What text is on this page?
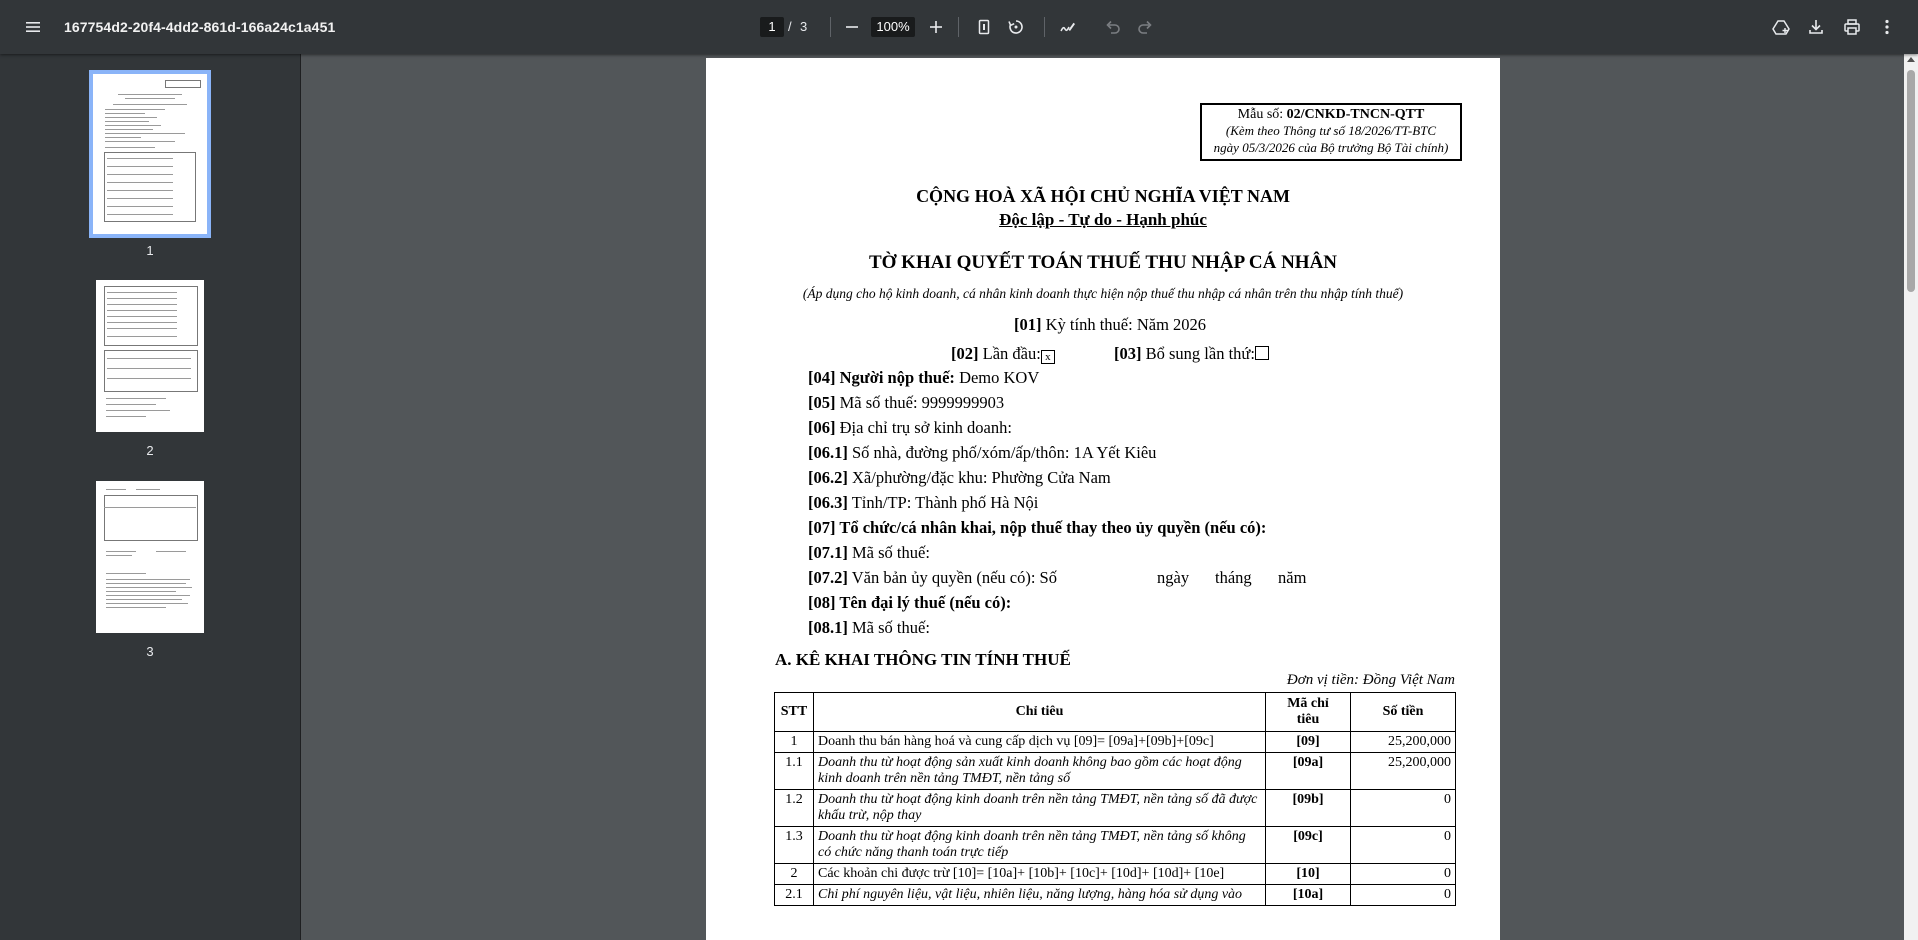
167754d2-20f4-4dd2-861d-166a24c1a451	1 / 3	100%
1
2
3
Mẫu số: 02/CNKD-TNCN-QTT
(Kèm theo Thông tư số 18/2026/TT-BTC
ngày 05/3/2026 của Bộ trưởng Bộ Tài chính)
CỘNG HOÀ XÃ HỘI CHỦ NGHĨA VIỆT NAM
Độc lập - Tự do - Hạnh phúc
TỜ KHAI QUYẾT TOÁN THUẾ THU NHẬP CÁ NHÂN
(Áp dụng cho hộ kinh doanh, cá nhân kinh doanh thực hiện nộp thuế thu nhập cá nhân trên thu nhập tính thuế)
[01] Kỳ tính thuế: Năm 2026
[02] Lần đầu: x	[03] Bổ sung lần thứ:
[04] Người nộp thuế: Demo KOV
[05] Mã số thuế: 9999999903
[06] Địa chỉ trụ sở kinh doanh:
[06.1] Số nhà, đường phố/xóm/ấp/thôn: 1A Yết Kiêu
[06.2] Xã/phường/đặc khu: Phường Cửa Nam
[06.3] Tỉnh/TP: Thành phố Hà Nội
[07] Tổ chức/cá nhân khai, nộp thuế thay theo ủy quyền (nếu có):
[07.1] Mã số thuế:
[07.2] Văn bản ủy quyền (nếu có): Số	ngày tháng năm
[08] Tên đại lý thuế (nếu có):
[08.1] Mã số thuế:
A. KÊ KHAI THÔNG TIN TÍNH THUẾ
Đơn vị tiền: Đồng Việt Nam
STT	Chỉ tiêu	Mã chỉ tiêu	Số tiền
1	Doanh thu bán hàng hoá và cung cấp dịch vụ [09]= [09a]+[09b]+[09c]	[09]	25,200,000
1.1	Doanh thu từ hoạt động sản xuất kinh doanh không bao gồm các hoạt động kinh doanh trên nền tảng TMĐT, nền tảng số	[09a]	25,200,000
1.2	Doanh thu từ hoạt động kinh doanh trên nền tảng TMĐT, nền tảng số đã được khấu trừ, nộp thay	[09b]	0
1.3	Doanh thu từ hoạt động kinh doanh trên nền tảng TMĐT, nền tảng số không có chức năng thanh toán trực tiếp	[09c]	0
2	Các khoản chi được trừ [10]= [10a]+ [10b]+ [10c]+ [10d]+ [10d]+ [10e]	[10]	0
2.1	Chi phí nguyên liệu, vật liệu, nhiên liệu, năng lượng, hàng hóa sử dụng vào	[10a]	0
